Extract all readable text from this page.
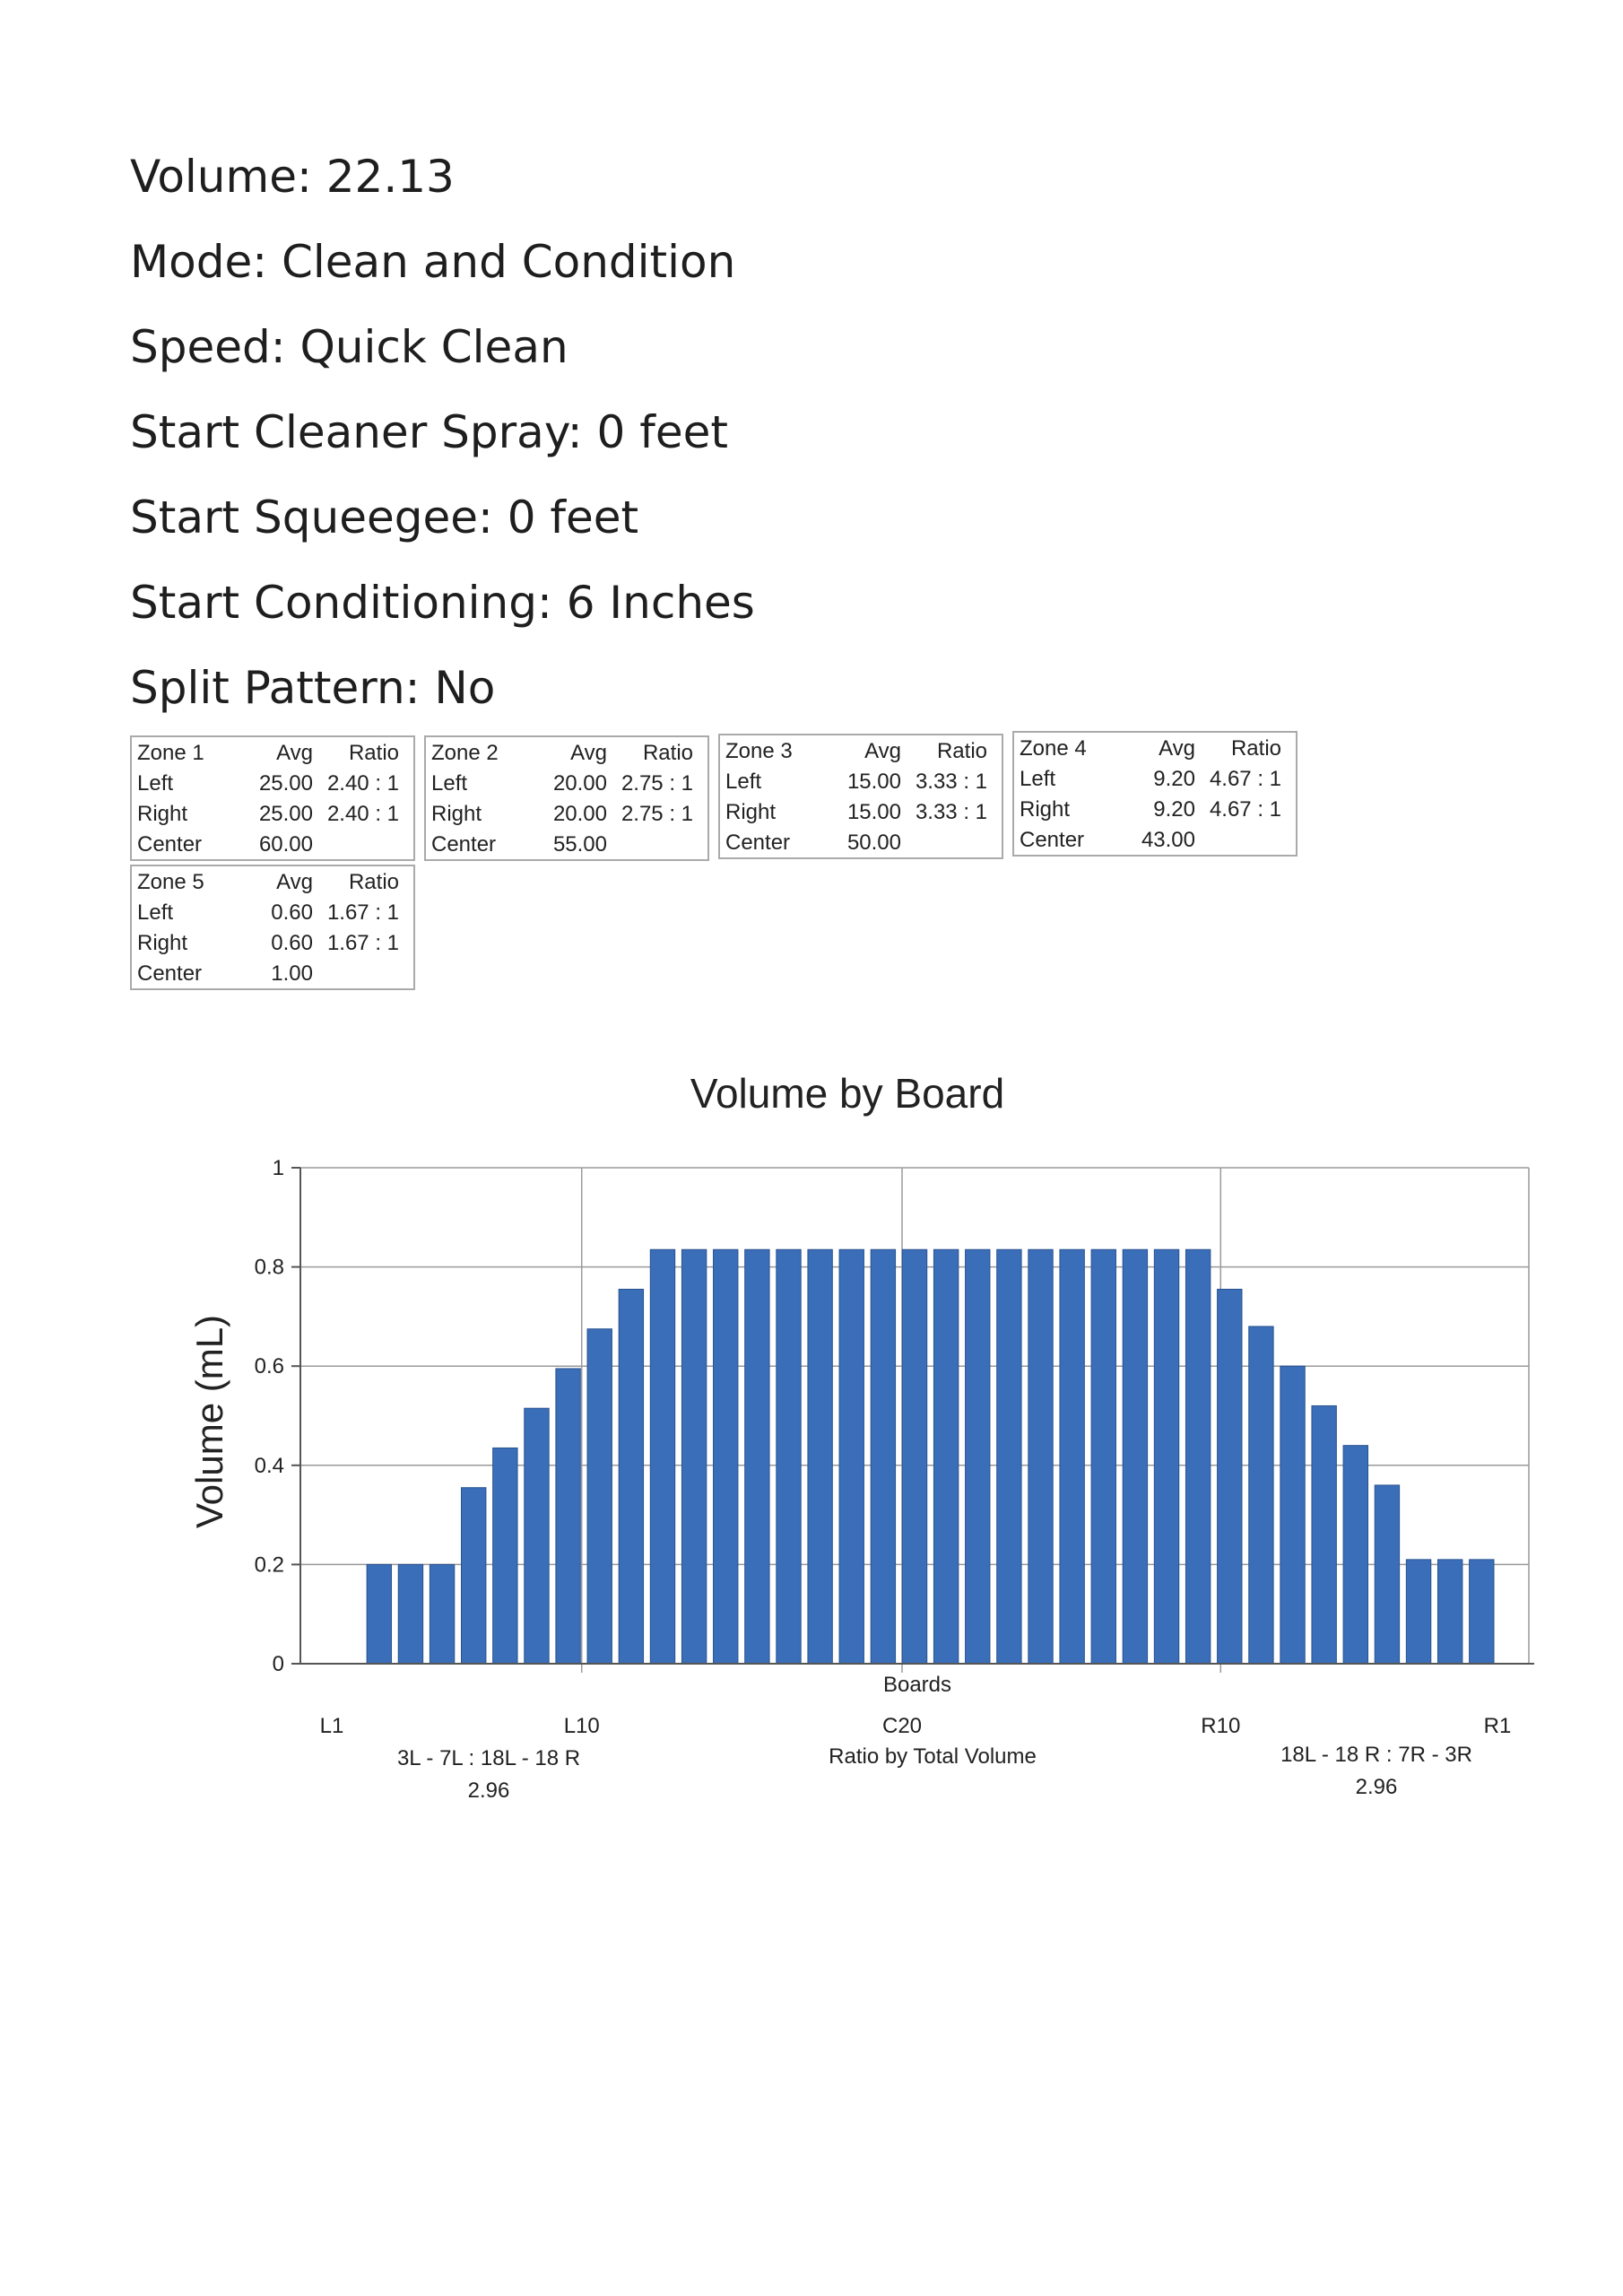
Volume: 22.13
Mode: Clean and Condition
Speed: Quick Clean
Start Cleaner Spray: 0 feet
Start Squeegee: 0 feet
Start Conditioning: 6 Inches
Split Pattern: No
Zone 1	Avg Ratio
Left	25.00 2.40 : 1
Right	25.00 2.40 : 1
Center	60.00
Zone 2	Avg Ratio
Left	20.00 2.75 : 1
Right	20.00 2.75 : 1
Center	55.00
Zone 3	Avg Ratio
Left	15.00 3.33 : 1
Right	15.00 3.33 : 1
Center	50.00
Zone 4	Avg Ratio
Left	9.20 4.67 : 1
Right	9.20 4.67 : 1
Center	43.00
Zone 5	Avg Ratio
Left	0.60 1.67 : 1
Right	0.60 1.67 : 1
Center	1.00
Volume by Board
Volume (mL)
0
0.2
0.4
0.6
0.8
1
L1	L10	C20	R10	R1
Boards
3L - 7L : 18L - 18 R
2.96
Ratio by Total Volume	18L - 18 R : 7R - 3R
2.96
